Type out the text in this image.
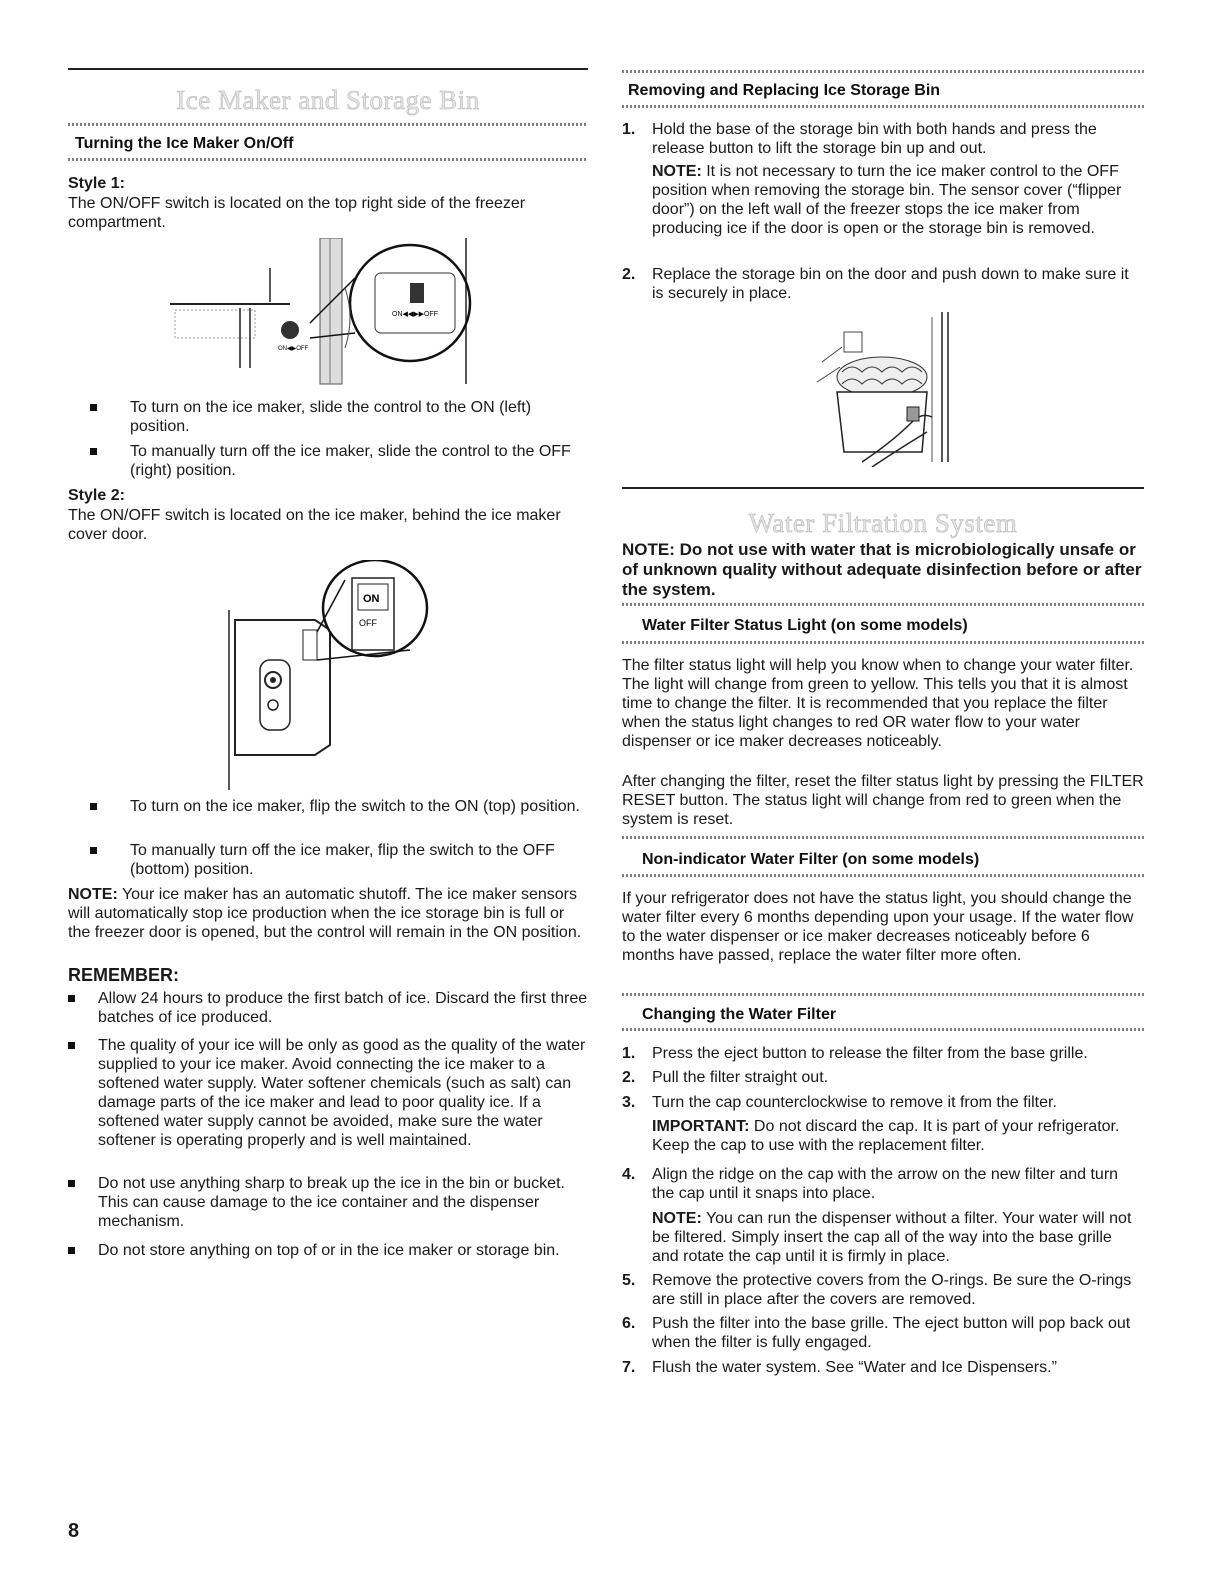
Ice Maker and Storage Bin
Turning the Ice Maker On/Off
Style 1:
The ON/OFF switch is located on the top right side of the freezer compartment.
ON◀◀▶▶OFF
ON◀▶OFF
To turn on the ice maker, slide the control to the ON (left) position.
To manually turn off the ice maker, slide the control to the OFF (right) position.
Style 2:
The ON/OFF switch is located on the ice maker, behind the ice maker cover door.
ON
OFF
To turn on the ice maker, flip the switch to the ON (top) position.
To manually turn off the ice maker, flip the switch to the OFF (bottom) position.
NOTE: Your ice maker has an automatic shutoff. The ice maker sensors will automatically stop ice production when the ice storage bin is full or the freezer door is opened, but the control will remain in the ON position.
REMEMBER:
Allow 24 hours to produce the first batch of ice. Discard the first three batches of ice produced.
The quality of your ice will be only as good as the quality of the water supplied to your ice maker. Avoid connecting the ice maker to a softened water supply. Water softener chemicals (such as salt) can damage parts of the ice maker and lead to poor quality ice. If a softened water supply cannot be avoided, make sure the water softener is operating properly and is well maintained.
Do not use anything sharp to break up the ice in the bin or bucket. This can cause damage to the ice container and the dispenser mechanism.
Do not store anything on top of or in the ice maker or storage bin.
Removing and Replacing Ice Storage Bin
1. Hold the base of the storage bin with both hands and press the release button to lift the storage bin up and out.
NOTE: It is not necessary to turn the ice maker control to the OFF position when removing the storage bin. The sensor cover (“flipper door”) on the left wall of the freezer stops the ice maker from producing ice if the door is open or the storage bin is removed.
2. Replace the storage bin on the door and push down to make sure it is securely in place.
Water Filtration System
NOTE: Do not use with water that is microbiologically unsafe or of unknown quality without adequate disinfection before or after the system.
Water Filter Status Light (on some models)
The filter status light will help you know when to change your water filter. The light will change from green to yellow. This tells you that it is almost time to change the filter. It is recommended that you replace the filter when the status light changes to red OR water flow to your water dispenser or ice maker decreases noticeably.
After changing the filter, reset the filter status light by pressing the FILTER RESET button. The status light will change from red to green when the system is reset.
Non-indicator Water Filter (on some models)
If your refrigerator does not have the status light, you should change the water filter every 6 months depending upon your usage. If the water flow to the water dispenser or ice maker decreases noticeably before 6 months have passed, replace the water filter more often.
Changing the Water Filter
1. Press the eject button to release the filter from the base grille.
2. Pull the filter straight out.
3. Turn the cap counterclockwise to remove it from the filter.
IMPORTANT: Do not discard the cap. It is part of your refrigerator. Keep the cap to use with the replacement filter.
4. Align the ridge on the cap with the arrow on the new filter and turn the cap until it snaps into place.
NOTE: You can run the dispenser without a filter. Your water will not be filtered. Simply insert the cap all of the way into the base grille and rotate the cap until it is firmly in place.
5. Remove the protective covers from the O-rings. Be sure the O-rings are still in place after the covers are removed.
6. Push the filter into the base grille. The eject button will pop back out when the filter is fully engaged.
7. Flush the water system. See “Water and Ice Dispensers.”
8
